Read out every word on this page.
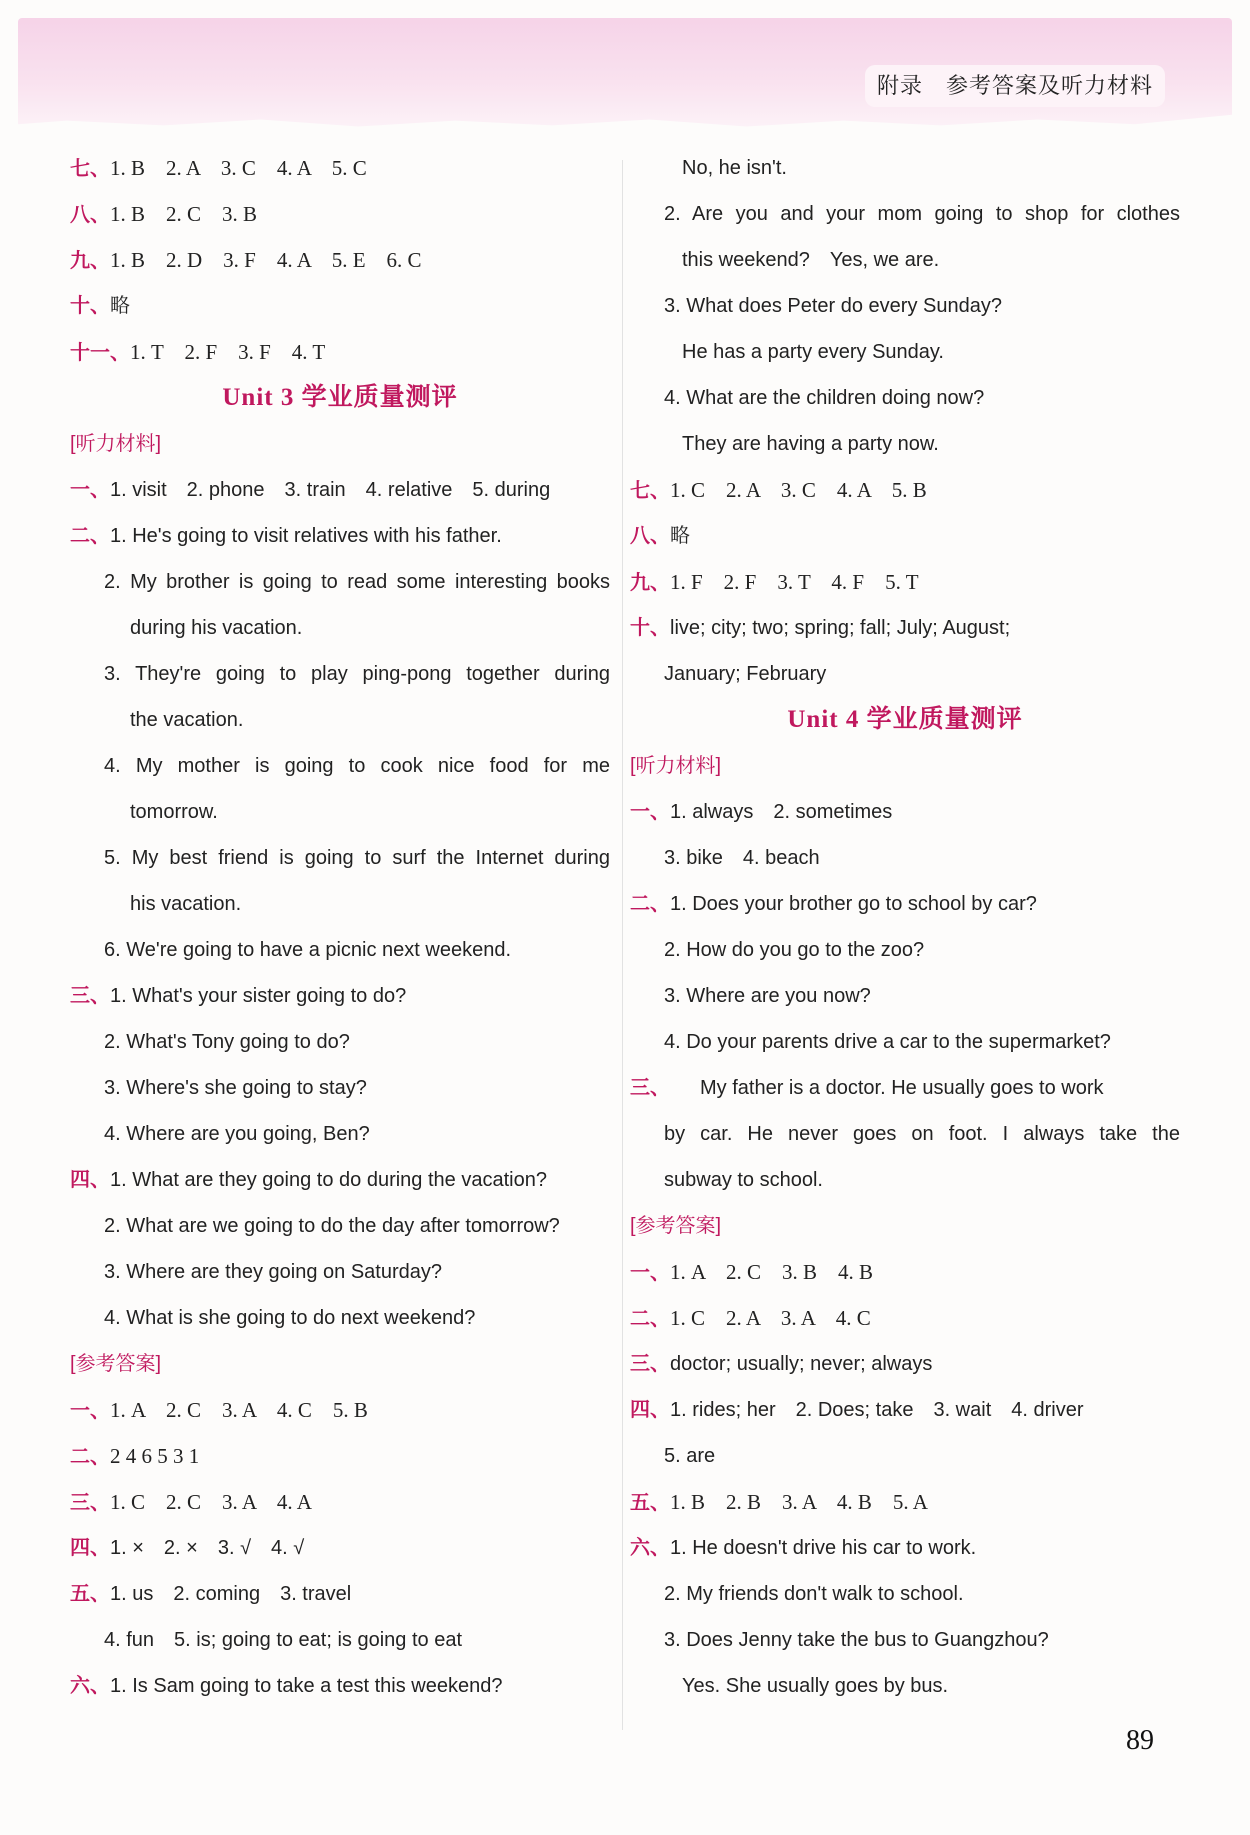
附录　参考答案及听力材料
七、1. B　2. A　3. C　4. A　5. C
八、1. B　2. C　3. B
九、1. B　2. D　3. F　4. A　5. E　6. C
十、略
十一、1. T　2. F　3. F　4. T
Unit 3 学业质量测评
[听力材料]
一、1. visit　2. phone　3. train　4. relative　5. during
二、1. He's going to visit relatives with his father.
2. My brother is going to read some interesting books
during his vacation.
3. They're going to play ping-pong together during
the vacation.
4. My mother is going to cook nice food for me
tomorrow.
5. My best friend is going to surf the Internet during
his vacation.
6. We're going to have a picnic next weekend.
三、1. What's your sister going to do?
2. What's Tony going to do?
3. Where's she going to stay?
4. Where are you going, Ben?
四、1. What are they going to do during the vacation?
2. What are we going to do the day after tomorrow?
3. Where are they going on Saturday?
4. What is she going to do next weekend?
[参考答案]
一、1. A　2. C　3. A　4. C　5. B
二、2 4 6 5 3 1
三、1. C　2. C　3. A　4. A
四、1. ×　2. ×　3. √　4. √
五、1. us　2. coming　3. travel
4. fun　5. is; going to eat; is going to eat
六、1. Is Sam going to take a test this weekend?
No, he isn't.
2. Are you and your mom going to shop for clothes
this weekend?　Yes, we are.
3. What does Peter do every Sunday?
He has a party every Sunday.
4. What are the children doing now?
They are having a party now.
七、1. C　2. A　3. C　4. A　5. B
八、略
九、1. F　2. F　3. T　4. F　5. T
十、live; city; two; spring; fall; July; August;
January; February
Unit 4 学业质量测评
[听力材料]
一、1. always　2. sometimes
3. bike　4. beach
二、1. Does your brother go to school by car?
2. How do you go to the zoo?
3. Where are you now?
4. Do your parents drive a car to the supermarket?
三、 My father is a doctor. He usually goes to work
by car. He never goes on foot. I always take the
subway to school.
[参考答案]
一、1. A　2. C　3. B　4. B
二、1. C　2. A　3. A　4. C
三、doctor; usually; never; always
四、1. rides; her　2. Does; take　3. wait　4. driver
5. are
五、1. B　2. B　3. A　4. B　5. A
六、1. He doesn't drive his car to work.
2. My friends don't walk to school.
3. Does Jenny take the bus to Guangzhou?
Yes. She usually goes by bus.
89
